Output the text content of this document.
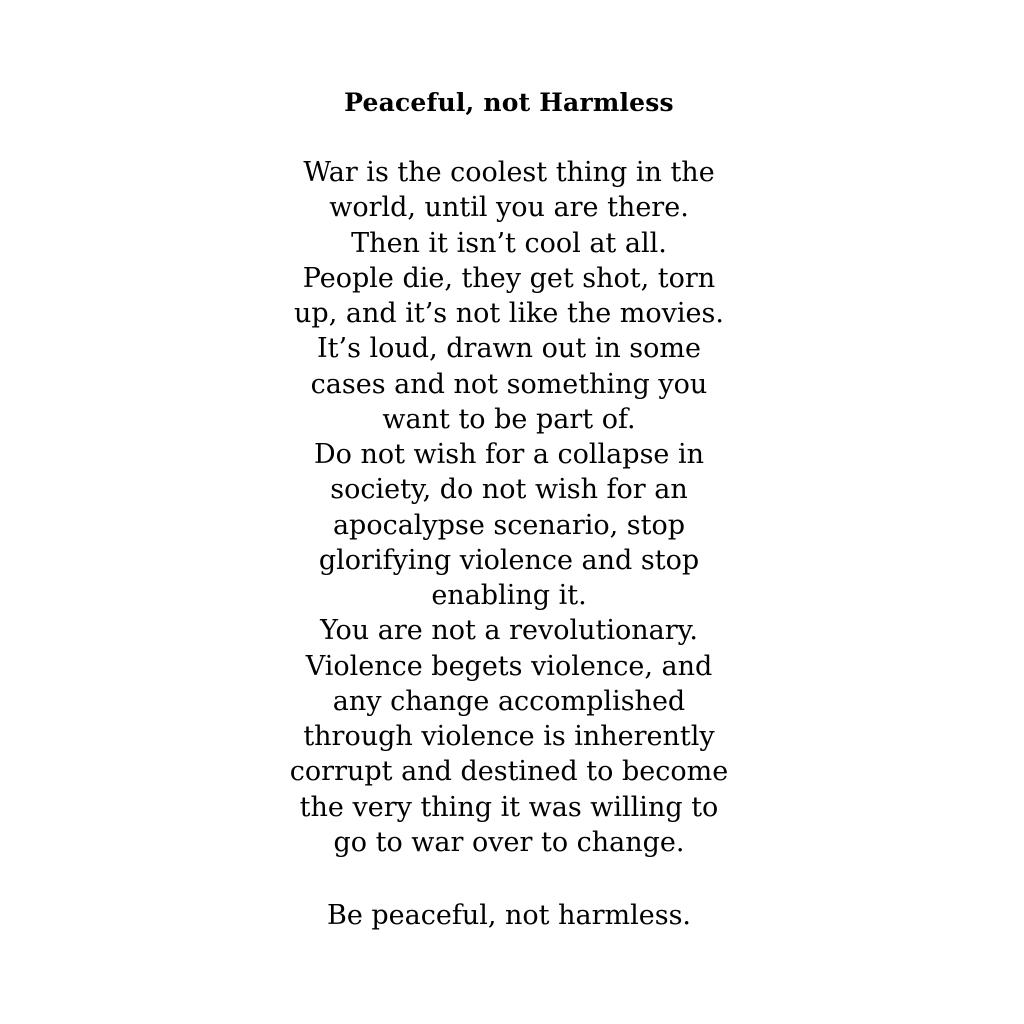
Peaceful, not Harmless
War is the coolest thing in the
world, until you are there.
Then it isn’t cool at all.
People die, they get shot, torn
up, and it’s not like the movies.
It’s loud, drawn out in some
cases and not something you
want to be part of.
Do not wish for a collapse in
society, do not wish for an
apocalypse scenario, stop
glorifying violence and stop
enabling it.
You are not a revolutionary.
Violence begets violence, and
any change accomplished
through violence is inherently
corrupt and destined to become
the very thing it was willing to
go to war over to change.

Be peaceful, not harmless.
